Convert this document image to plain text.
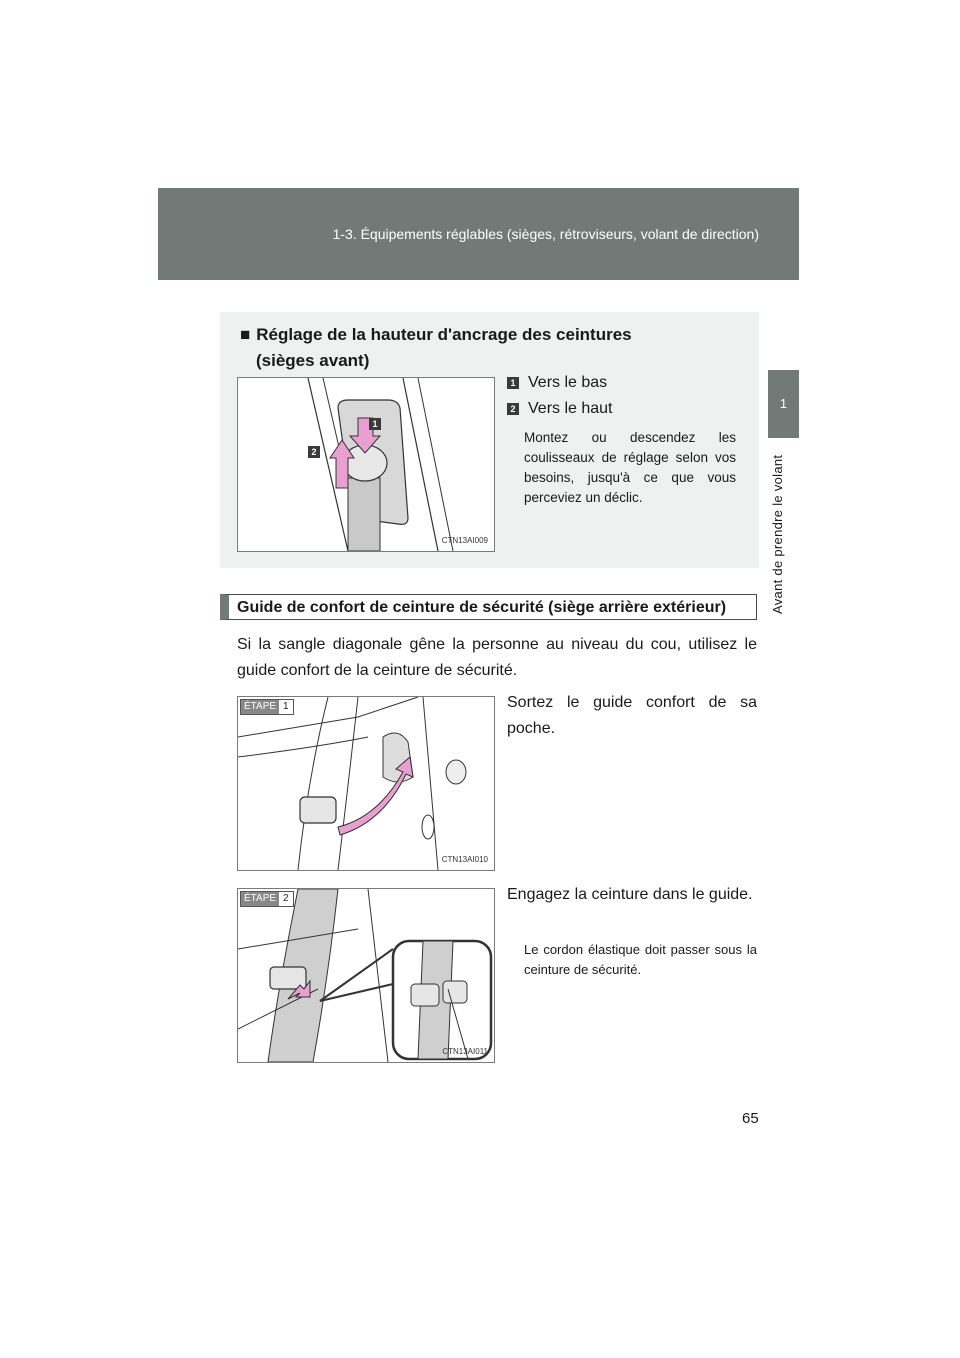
1-3. Équipements réglables (sièges, rétroviseurs, volant de direction)
1
Avant de prendre le volant
■ Réglage de la hauteur d'ancrage des ceintures
(sièges avant)
1
2
CTN13AI009
1 Vers le bas
2 Vers le haut
Montez ou descendez les coulisseaux de réglage selon vos besoins, jusqu'à ce que vous perceviez un déclic.
Guide de confort de ceinture de sécurité (siège arrière extérieur)
Si la sangle diagonale gêne la personne au niveau du cou, utilisez le guide confort de la ceinture de sécurité.
ÉTAPE 1
CTN13AI010
Sortez le guide confort de sa poche.
ÉTAPE 2
CTN13AI011
Engagez la ceinture dans le guide.
Le cordon élastique doit passer sous la ceinture de sécurité.
65
